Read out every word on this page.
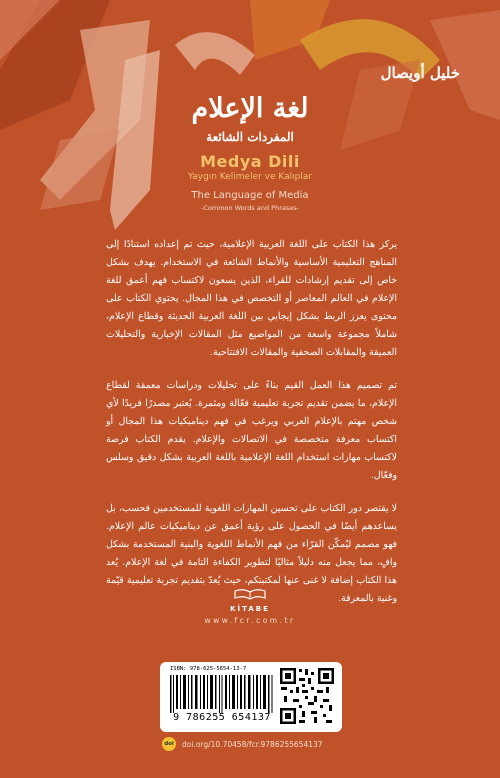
خليل أويصال
لغة الإعلام
المفردات الشائعة
Medya Dili
Yaygın Kelimeler ve Kalıplar
The Language of Media
-Common Words and Phrases-

يركز هذا الكتاب على اللغة العربية الإعلامية، حيث تم إعداده استنادًا إلى المناهج التعليمية الأساسية والأنماط الشائعة في الاستخدام. يهدف بشكل خاص إلى تقديم إرشادات للقراء، الذين يسعون لاكتساب فهم أعمق للغة الإعلام في العالم المعاصر أو التخصص في هذا المجال. يحتوي الكتاب على محتوى يعزز الربط بشكل إيجابي بين اللغة العربية الحديثة وقطاع الإعلام، شاملاً مجموعة واسعة من المواضيع مثل المقالات الإخبارية والتحليلات العميقة والمقابلات الصحفية والمقالات الافتتاحية.

تم تصميم هذا العمل القيم بناءً على تحليلات ودراسات معمقة لقطاع الإعلام، ما يضمن تقديم تجربة تعليمية فعّالة ومثمرة. يُعتبر مصدرًا فريدًا لأي شخص مهتم بالإعلام العربي ويرغب في فهم ديناميكيات هذا المجال أو اكتساب معرفة متخصصة في الاتصالات والإعلام. يقدم الكتاب فرصة لاكتساب مهارات استخدام اللغة الإعلامية باللغة العربية بشكل دقيق وسلس وفعّال.

لا يقتصر دور الكتاب على تحسين المهارات اللغوية للمستخدمين فحسب، بل يساعدهم أيضًا في الحصول على رؤية أعمق عن ديناميكيات عالم الإعلام. فهو مصمم ليُمكّن القرّاء من فهم الأنماط اللغوية والبنية المستخدمة بشكل وافٍ، مما يجعل منه دليلاً مثاليًا لتطوير الكفاءة التامة في لغة الإعلام. يُعد هذا الكتاب إضافة لا غنى عنها لمكتبتكم، حيث يُعدّ بتقديم تجربة تعليمية قيّمة وغنية بالمعرفة.

KİTABE
www.fcr.com.tr
ISBN: 978-625-5654-13-7
9 786255 654137
doi doi.org/10.70458/fcr.9786255654137
